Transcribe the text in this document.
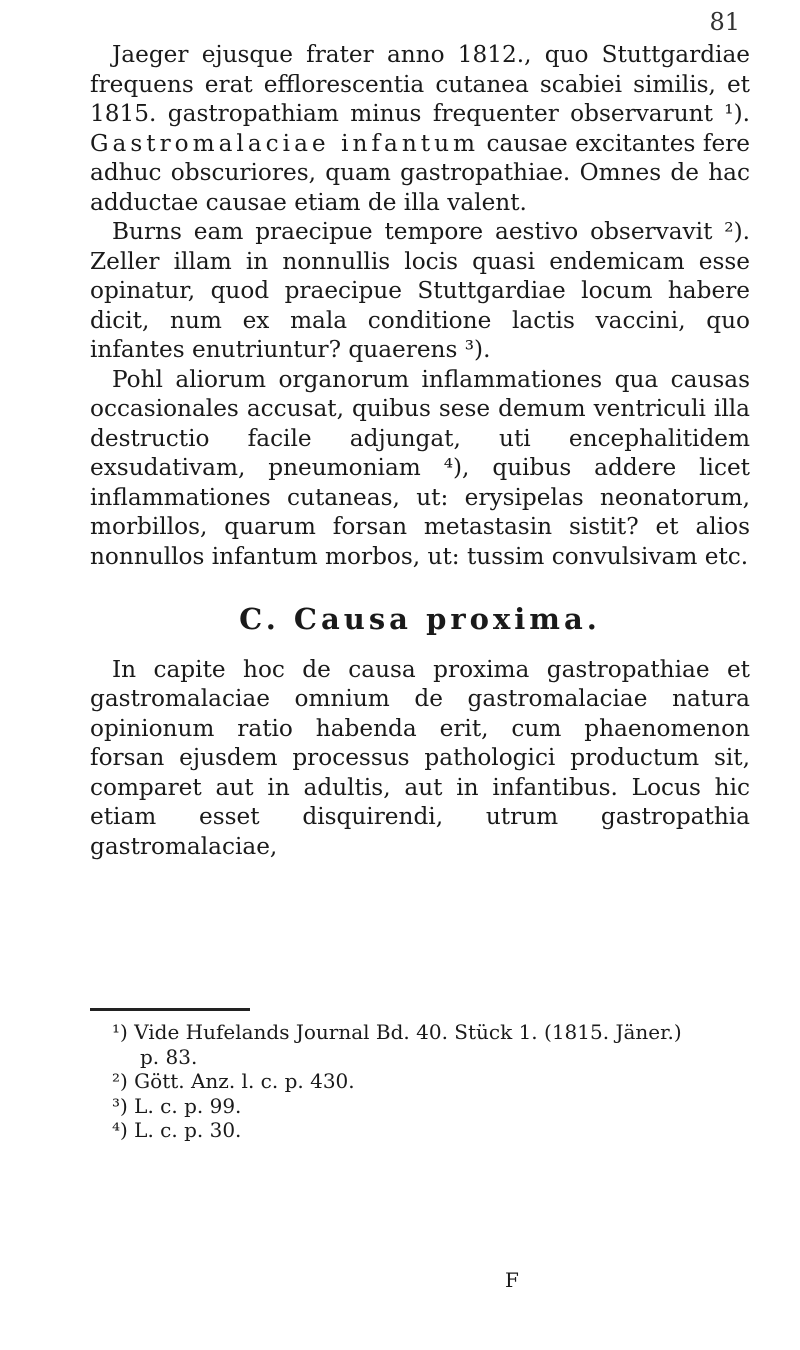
81

Jaeger ejusque frater anno 1812., quo Stuttgardiae frequens erat efflorescentia cutanea scabiei similis, et 1815. gastropathiam minus frequenter observarunt ¹). Gastromalaciae infantum causae excitantes fere adhuc obscuriores, quam gastropathiae. Omnes de hac adductae causae etiam de illa valent.

Burns eam praecipue tempore aestivo observavit ²). Zeller illam in nonnullis locis quasi endemicam esse opinatur, quod praecipue Stuttgardiae locum habere dicit, num ex mala conditione lactis vaccini, quo infantes enutriuntur? quaerens ³).

Pohl aliorum organorum inflammationes qua causas occasionales accusat, quibus sese demum ventriculi illa destructio facile adjungat, uti encephalitidem exsudativam, pneumoniam ⁴), quibus addere licet inflammationes cutaneas, ut: erysipelas neonatorum, morbillos, quarum forsan metastasin sistit? et alios nonnullos infantum morbos, ut: tussim convulsivam etc.

C. Causa proxima.

In capite hoc de causa proxima gastropathiae et gastromalaciae omnium de gastromalaciae natura opinionum ratio habenda erit, cum phaenomenon forsan ejusdem processus pathologici productum sit, comparet aut in adultis, aut in infantibus. Locus hic etiam esset disquirendi, utrum gastropathia gastromalaciae,

¹) Vide Hufelands Journal Bd. 40. Stück 1. (1815. Jäner.)

p. 83.

²) Gött. Anz. l. c. p. 430.

³) L. c. p. 99.

⁴) L. c. p. 30.

F
